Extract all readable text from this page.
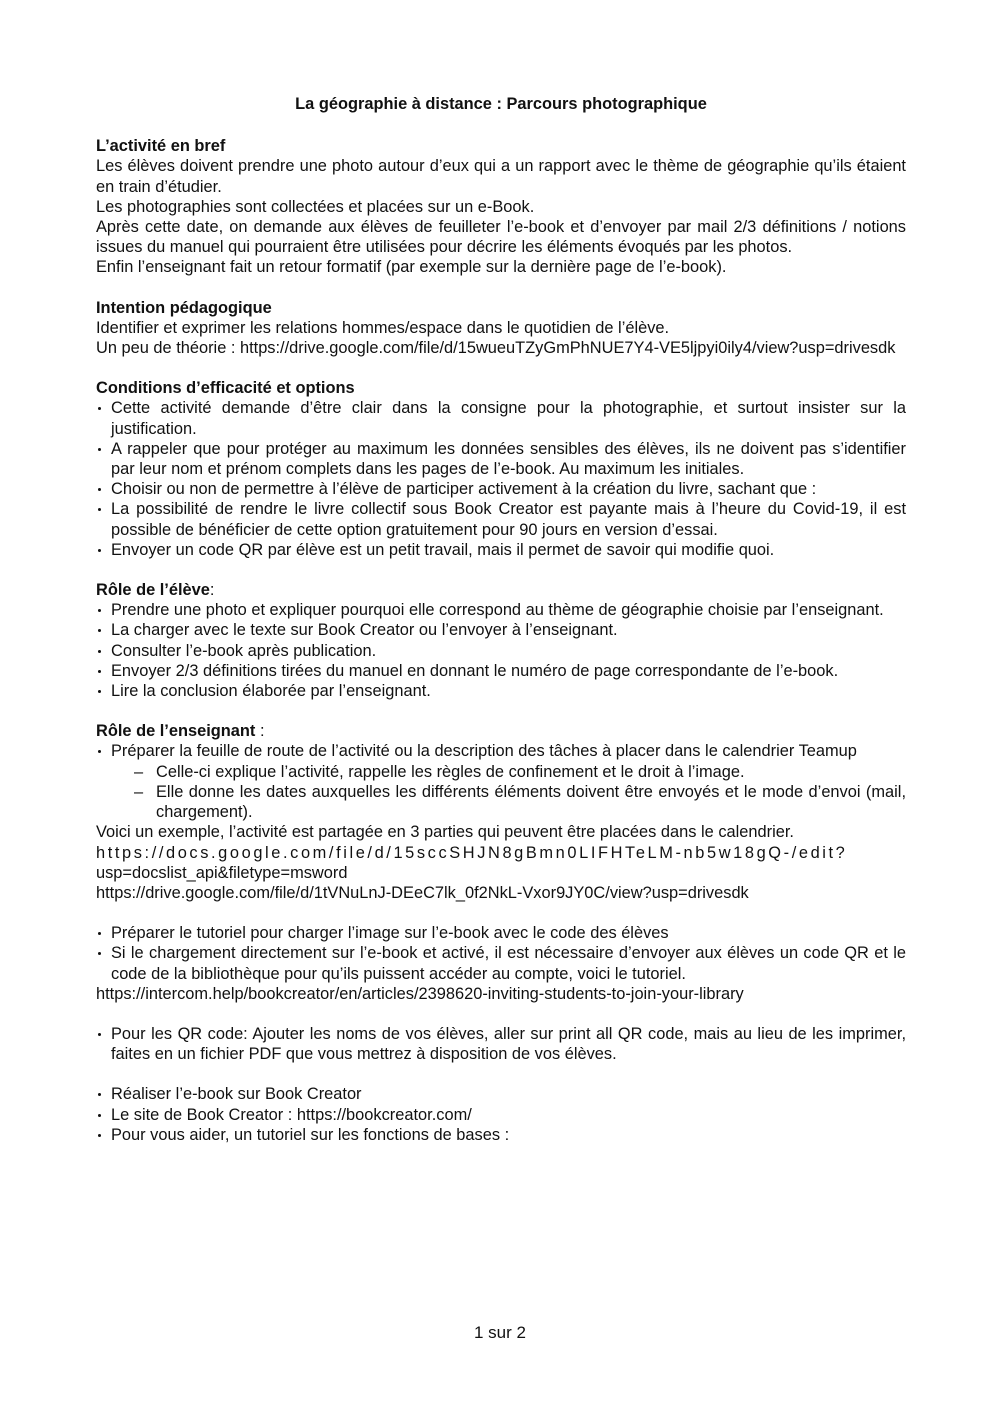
La géographie à distance : Parcours photographique
L’activité en bref
Les élèves doivent prendre une photo autour d’eux qui a un rapport avec le thème de géographie qu’ils étaient en train d’étudier.
Les photographies sont collectées et placées sur un e-Book.
Après cette date, on demande aux élèves de feuilleter l’e-book et d’envoyer par mail 2/3 définitions / notions issues du manuel qui pourraient être utilisées pour décrire les éléments évoqués par les photos.
Enfin l’enseignant fait un retour formatif (par exemple sur la dernière page de l’e-book).
Intention pédagogique
Identifier et exprimer les relations hommes/espace dans le quotidien de l’élève.
Un peu de théorie : https://drive.google.com/file/d/15wueuTZyGmPhNUE7Y4-VE5ljpyi0ily4/view?usp=drivesdk
Conditions d’efficacité et options
Cette activité demande d’être clair dans la consigne pour la photographie, et surtout insister sur la justification.
A rappeler que pour protéger au maximum les données sensibles des élèves, ils ne doivent pas s’identifier par leur nom et prénom complets dans les pages de l’e-book. Au maximum les initiales.
Choisir ou non de permettre à l’élève de participer activement à la création du livre, sachant que :
La possibilité de rendre le livre collectif sous Book Creator est payante mais à l’heure du Covid-19, il est possible de bénéficier de cette option gratuitement pour 90 jours en version d’essai.
Envoyer un code QR par élève est un petit travail, mais il permet de savoir qui modifie quoi.
Rôle de l’élève:
Prendre une photo et expliquer pourquoi elle correspond au thème de géographie choisie par l’enseignant.
La charger avec le texte sur Book Creator ou l’envoyer à l’enseignant.
Consulter l’e-book après publication.
Envoyer 2/3 définitions tirées du manuel en donnant le numéro de page correspondante de l’e-book.
Lire la conclusion élaborée par l’enseignant.
Rôle de l’enseignant :
Préparer la feuille de route de l’activité ou la description des tâches à placer dans le calendrier Teamup
– Celle-ci explique l’activité, rappelle les règles de confinement et le droit à l’image.
– Elle donne les dates auxquelles les différents éléments doivent être envoyés et le mode d’envoi (mail, chargement).
Voici un exemple, l’activité est partagée en 3 parties qui peuvent être placées dans le calendrier.
https://docs.google.com/file/d/15sccSHJN8gBmn0LIFHTeLM-nb5w18gQ-/edit?
usp=docslist_api&filetype=msword
https://drive.google.com/file/d/1tVNuLnJ-DEeC7lk_0f2NkL-Vxor9JY0C/view?usp=drivesdk
Préparer le tutoriel pour charger l’image sur l’e-book avec le code des élèves
Si le chargement directement sur l’e-book et activé, il est nécessaire d’envoyer aux élèves un code QR et le code de la bibliothèque pour qu’ils puissent accéder au compte, voici le tutoriel.
https://intercom.help/bookcreator/en/articles/2398620-inviting-students-to-join-your-library
Pour les QR code: Ajouter les noms de vos élèves, aller sur print all QR code, mais au lieu de les imprimer, faites en un fichier PDF que vous mettrez à disposition de vos élèves.
Réaliser l’e-book sur Book Creator
Le site de Book Creator : https://bookcreator.com/
Pour vous aider, un tutoriel sur les fonctions de bases :
1 sur 2
